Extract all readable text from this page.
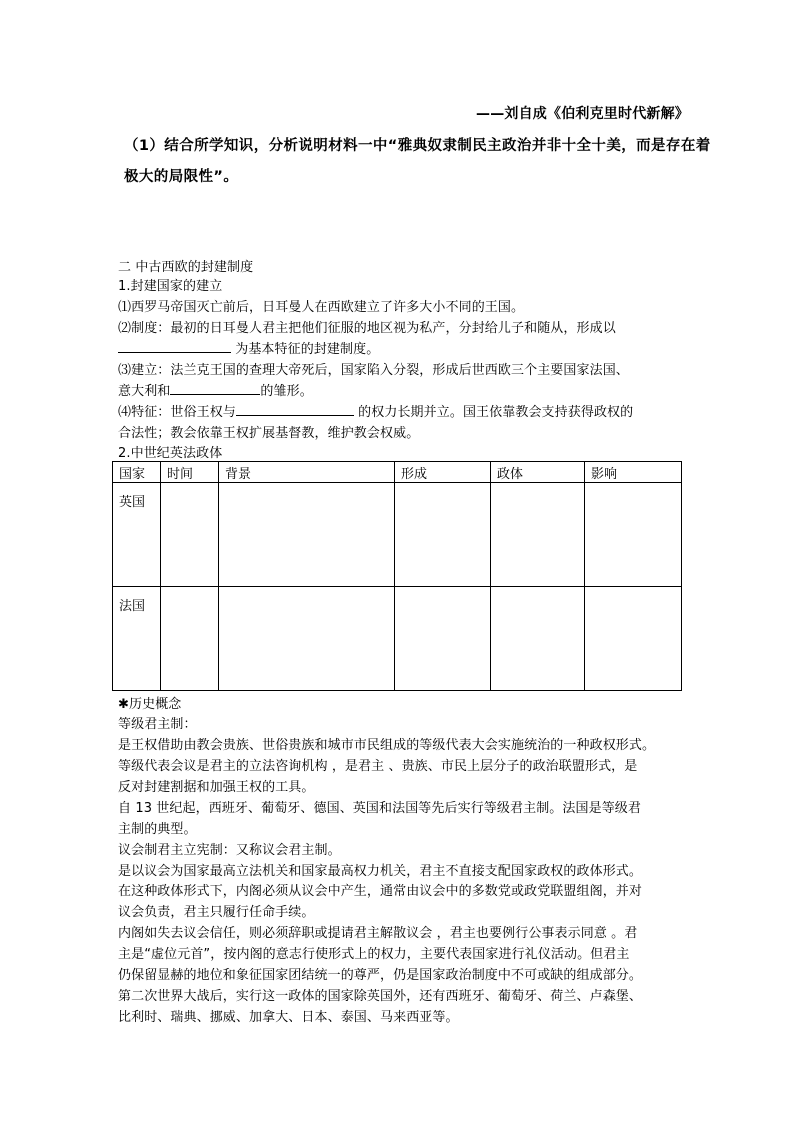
——刘自成《伯利克里时代新解》
（1）结合所学知识，分析说明材料一中“雅典奴隶制民主政治并非十全十美，而是存在着
极大的局限性”。
二 中古西欧的封建制度
1.封建国家的建立
⑴西罗马帝国灭亡前后，日耳曼人在西欧建立了许多大小不同的王国。
⑵制度：最初的日耳曼人君主把他们征服的地区视为私产，分封给儿子和随从，形成以
为基本特征的封建制度。
⑶建立：法兰克王国的查理大帝死后，国家陷入分裂，形成后世西欧三个主要国家法国、
意大利和	的雏形。
⑷特征：世俗王权与	的权力长期并立。国王依靠教会支持获得政权的
合法性；教会依靠王权扩展基督教，维护教会权威。
2.中世纪英法政体
国家	时间	背景	形成	政体	影响
英国					
法国					
✱历史概念
等级君主制：
是王权借助由教会贵族、世俗贵族和城市市民组成的等级代表大会实施统治的一种政权形式。
等级代表会议是君主的立法咨询机构 ，是君主 、贵族、市民上层分子的政治联盟形式，是
反对封建割据和加强王权的工具。
自 13 世纪起，西班牙、葡萄牙、德国、英国和法国等先后实行等级君主制。法国是等级君
主制的典型。
议会制君主立宪制：又称议会君主制。
是以议会为国家最高立法机关和国家最高权力机关，君主不直接支配国家政权的政体形式。
在这种政体形式下，内阁必须从议会中产生，通常由议会中的多数党或政党联盟组阁，并对
议会负责，君主只履行任命手续。
内阁如失去议会信任，则必须辞职或提请君主解散议会 ，君主也要例行公事表示同意 。君
主是“虚位元首”，按内阁的意志行使形式上的权力，主要代表国家进行礼仪活动。但君主
仍保留显赫的地位和象征国家团结统一的尊严，仍是国家政治制度中不可或缺的组成部分。
第二次世界大战后，实行这一政体的国家除英国外，还有西班牙、葡萄牙、荷兰、卢森堡、
比利时、瑞典、挪威、加拿大、日本、泰国、马来西亚等。
